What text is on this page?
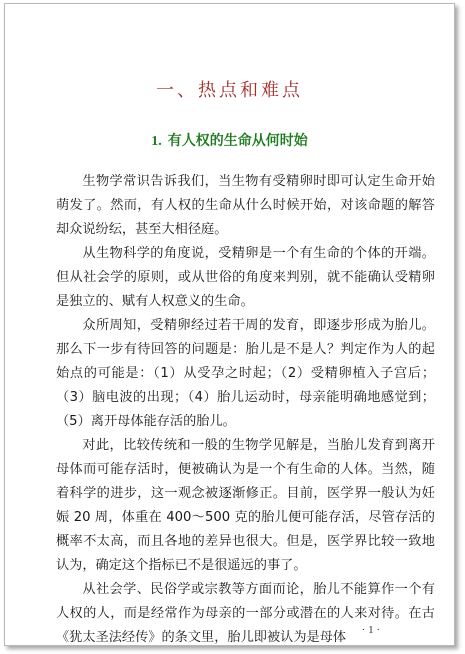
一、热点和难点
1. 有人权的生命从何时始

生物学常识告诉我们，当生物有受精卵时即可认定生命开始萌发了。然而，有人权的生命从什么时候开始，对该命题的解答却众说纷纭，甚至大相径庭。

从生物科学的角度说，受精卵是一个有生命的个体的开端。但从社会学的原则，或从世俗的角度来判别，就不能确认受精卵是独立的、赋有人权意义的生命。

众所周知，受精卵经过若干周的发育，即逐步形成为胎儿。那么下一步有待回答的问题是：胎儿是不是人？判定作为人的起始点的可能是：（1）从受孕之时起；（2）受精卵植入子宫后；（3）脑电波的出现；（4）胎儿运动时，母亲能明确地感觉到；（5）离开母体能存活的胎儿。

对此，比较传统和一般的生物学见解是，当胎儿发育到离开母体而可能存活时，便被确认为是一个有生命的人体。当然，随着科学的进步，这一观念被逐渐修正。目前，医学界一般认为妊娠 20 周，体重在 400～500 克的胎儿便可能存活，尽管存活的概率不太高，而且各地的差异也很大。但是，医学界比较一致地认为，确定这个指标已不是很遥远的事了。

从社会学、民俗学或宗教等方面而论，胎儿不能算作一个有人权的人，而是经常作为母亲的一部分或潜在的人来对待。在古《犹太圣法经传》的条文里，胎儿即被认为是母体	· 1 ·
